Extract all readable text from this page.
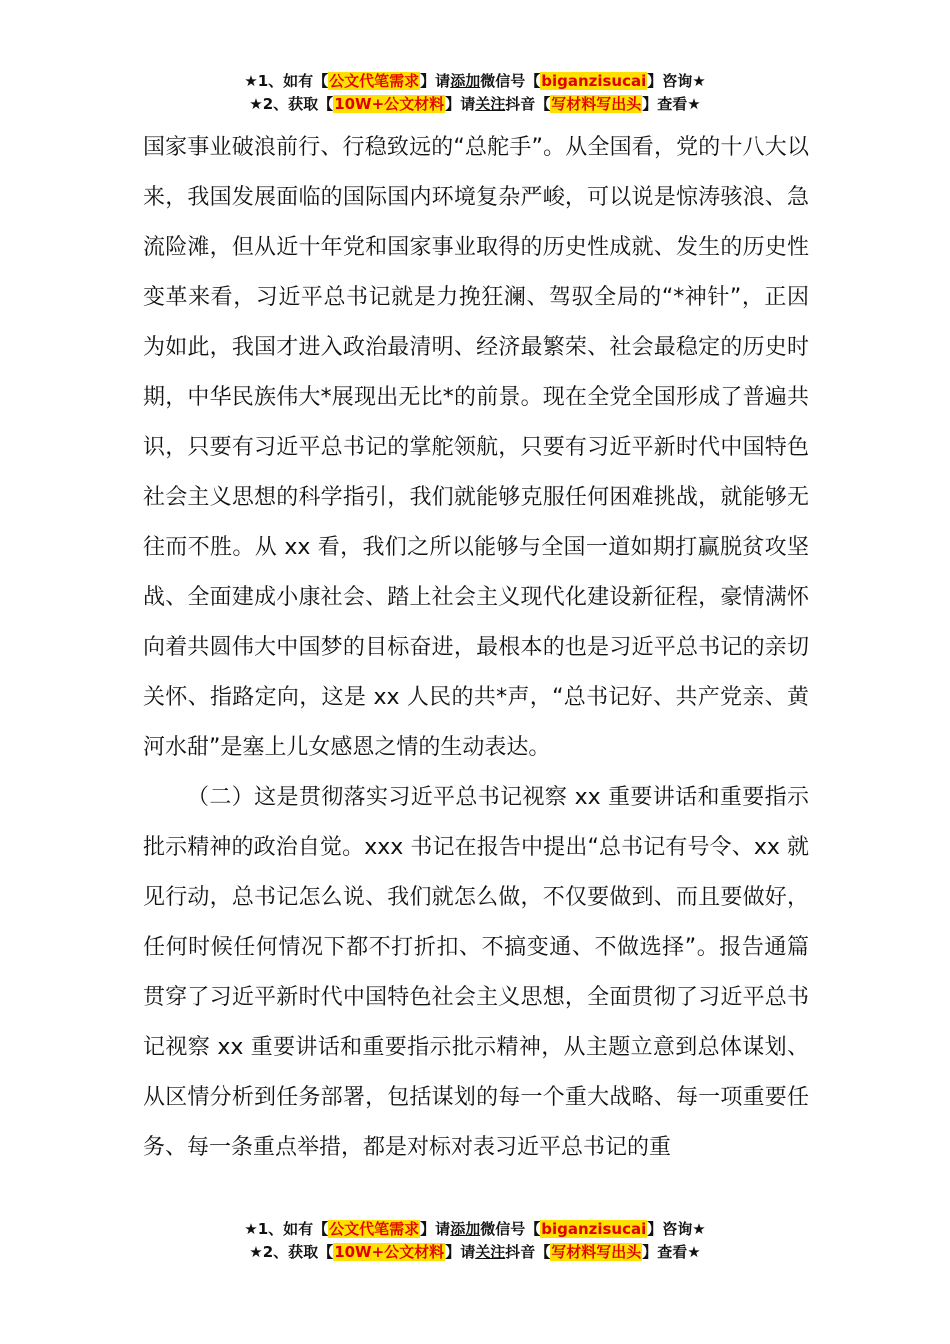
★1、如有【公文代笔需求】请添加微信号【biganzisucai】咨询★
★2、获取【10W+公文材料】请关注抖音【写材料写出头】查看★

国家事业破浪前行、行稳致远的“总舵手”。从全国看，党的十八大以来，我国发展面临的国际国内环境复杂严峻，可以说是惊涛骇浪、急流险滩，但从近十年党和国家事业取得的历史性成就、发生的历史性变革来看，习近平总书记就是力挽狂澜、驾驭全局的“*神针”，正因为如此，我国才进入政治最清明、经济最繁荣、社会最稳定的历史时期，中华民族伟大*展现出无比*的前景。现在全党全国形成了普遍共识，只要有习近平总书记的掌舵领航，只要有习近平新时代中国特色社会主义思想的科学指引，我们就能够克服任何困难挑战，就能够无往而不胜。从 xx 看，我们之所以能够与全国一道如期打赢脱贫攻坚战、全面建成小康社会、踏上社会主义现代化建设新征程，豪情满怀向着共圆伟大中国梦的目标奋进，最根本的也是习近平总书记的亲切关怀、指路定向，这是 xx 人民的共*声，“总书记好、共产党亲、黄河水甜”是塞上儿女感恩之情的生动表达。

（二）这是贯彻落实习近平总书记视察 xx 重要讲话和重要指示批示精神的政治自觉。xxx 书记在报告中提出“总书记有号令、xx 就见行动，总书记怎么说、我们就怎么做，不仅要做到、而且要做好，任何时候任何情况下都不打折扣、不搞变通、不做选择”。报告通篇贯穿了习近平新时代中国特色社会主义思想，全面贯彻了习近平总书记视察 xx 重要讲话和重要指示批示精神，从主题立意到总体谋划、从区情分析到任务部署，包括谋划的每一个重大战略、每一项重要任务、每一条重点举措，都是对标对表习近平总书记的重

★1、如有【公文代笔需求】请添加微信号【biganzisucai】咨询★
★2、获取【10W+公文材料】请关注抖音【写材料写出头】查看★
